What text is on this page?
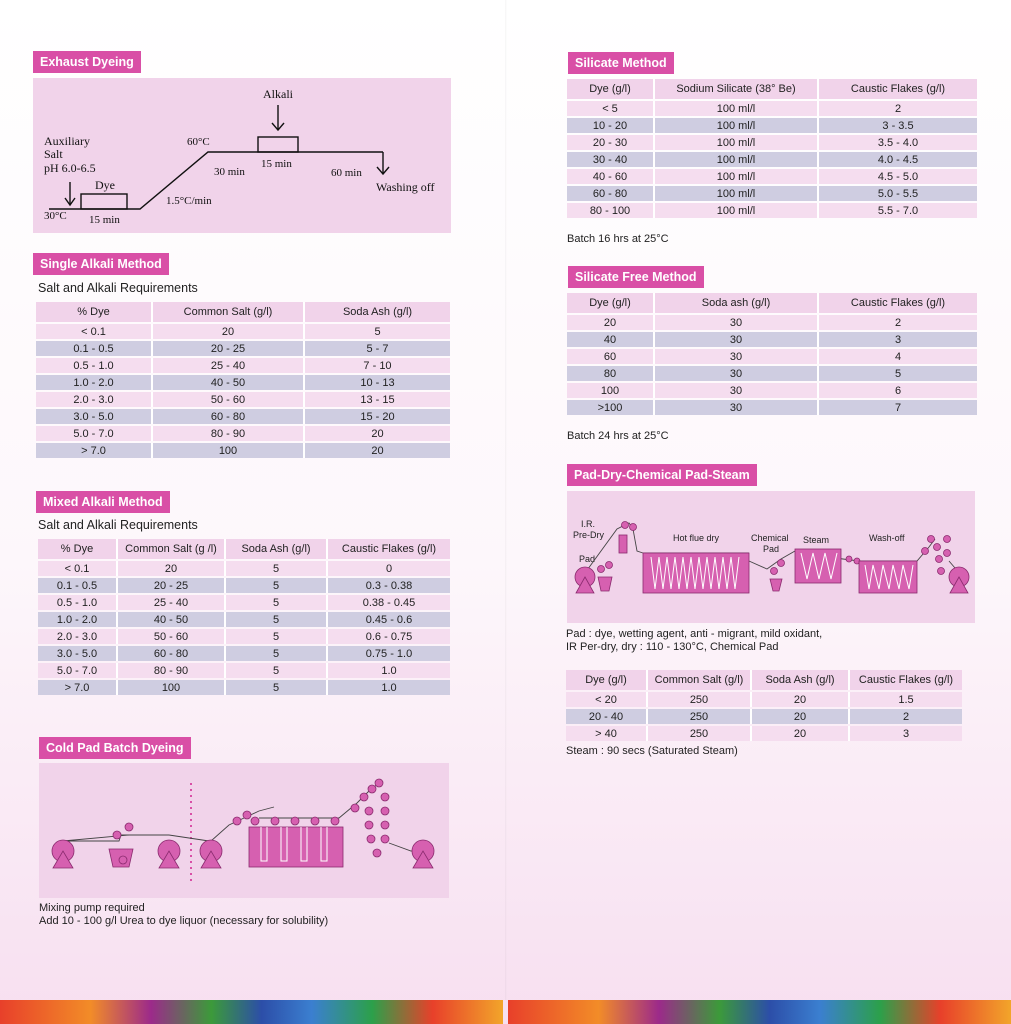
Exhaust Dyeing
Alkali
Auxiliary
Salt
pH 6.0-6.5
Dye
30°C 15 min
1.5°C/min
60°C
30 min
15 min
60 min
Washing off
Single Alkali Method
Salt and Alkali Requirements
% Dye	Common Salt (g/l)	Soda Ash (g/l)
< 0.1	20	5
0.1 - 0.5	20 - 25	5 - 7
0.5 - 1.0	25 - 40	7 - 10
1.0 - 2.0	40 - 50	10 - 13
2.0 - 3.0	50 - 60	13 - 15
3.0 - 5.0	60 - 80	15 - 20
5.0 - 7.0	80 - 90	20
> 7.0	100	20
Mixed Alkali Method
Salt and Alkali Requirements
% Dye	Common Salt (g /l)	Soda Ash (g/l)	Caustic Flakes (g/l)
< 0.1	20	5	0
0.1 - 0.5	20 - 25	5	0.3 - 0.38
0.5 - 1.0	25 - 40	5	0.38 - 0.45
1.0 - 2.0	40 - 50	5	0.45 - 0.6
2.0 - 3.0	50 - 60	5	0.6 - 0.75
3.0 - 5.0	60 - 80	5	0.75 - 1.0
5.0 - 7.0	80 - 90	5	1.0
> 7.0	100	5	1.0
Cold Pad Batch Dyeing
Mixing pump required
Add 10 - 100 g/l Urea to dye liquor (necessary for solubility)
Silicate Method
Dye (g/l)	Sodium Silicate (38° Be)	Caustic Flakes (g/l)
< 5	100 ml/l	2
10 - 20	100 ml/l	3 - 3.5
20 - 30	100 ml/l	3.5 - 4.0
30 - 40	100 ml/l	4.0 - 4.5
40 - 60	100 ml/l	4.5 - 5.0
60 - 80	100 ml/l	5.0 - 5.5
80 - 100	100 ml/l	5.5 - 7.0
Batch 16 hrs at 25°C
Silicate Free Method
Dye (g/l)	Soda ash (g/l)	Caustic Flakes (g/l)
20	30	2
40	30	3
60	30	4
80	30	5
100	30	6
>100	30	7
Batch 24 hrs at 25°C
Pad-Dry-Chemical Pad-Steam
I.R.
Pre-Dry
Pad
Hot flue dry	Chemical
Pad
Steam	Wash-off
Pad : dye, wetting agent, anti - migrant, mild oxidant,
IR Per-dry, dry : 110 - 130°C, Chemical Pad
Dye (g/l)	Common Salt (g/l)	Soda Ash (g/l)	Caustic Flakes (g/l)
< 20	250	20	1.5
20 - 40	250	20	2
> 40	250	20	3
Steam : 90 secs (Saturated Steam)
